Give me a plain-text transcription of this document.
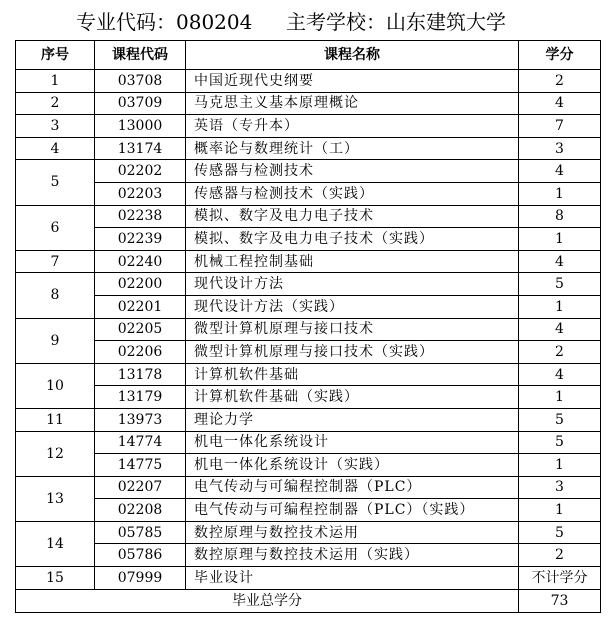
专业代码：080204 主考学校：山东建筑大学
序号	课程代码	课程名称	学分
1	03708	中国近现代史纲要	2
2	03709	马克思主义基本原理概论	4
3	13000	英语（专升本）	7
4	13174	概率论与数理统计（工）	3
5	02202	传感器与检测技术	4
	02203	传感器与检测技术（实践）	1
6	02238	模拟、数字及电力电子技术	8
	02239	模拟、数字及电力电子技术（实践）	1
7	02240	机械工程控制基础	4
8	02200	现代设计方法	5
	02201	现代设计方法（实践）	1
9	02205	微型计算机原理与接口技术	4
	02206	微型计算机原理与接口技术（实践）	2
10	13178	计算机软件基础	4
	13179	计算机软件基础（实践）	1
11	13973	理论力学	5
12	14774	机电一体化系统设计	5
	14775	机电一体化系统设计（实践）	1
13	02207	电气传动与可编程控制器（PLC）	3
	02208	电气传动与可编程控制器（PLC）（实践）	1
14	05785	数控原理与数控技术运用	5
	05786	数控原理与数控技术运用（实践）	2
15	07999	毕业设计	不计学分
毕业总学分			73
